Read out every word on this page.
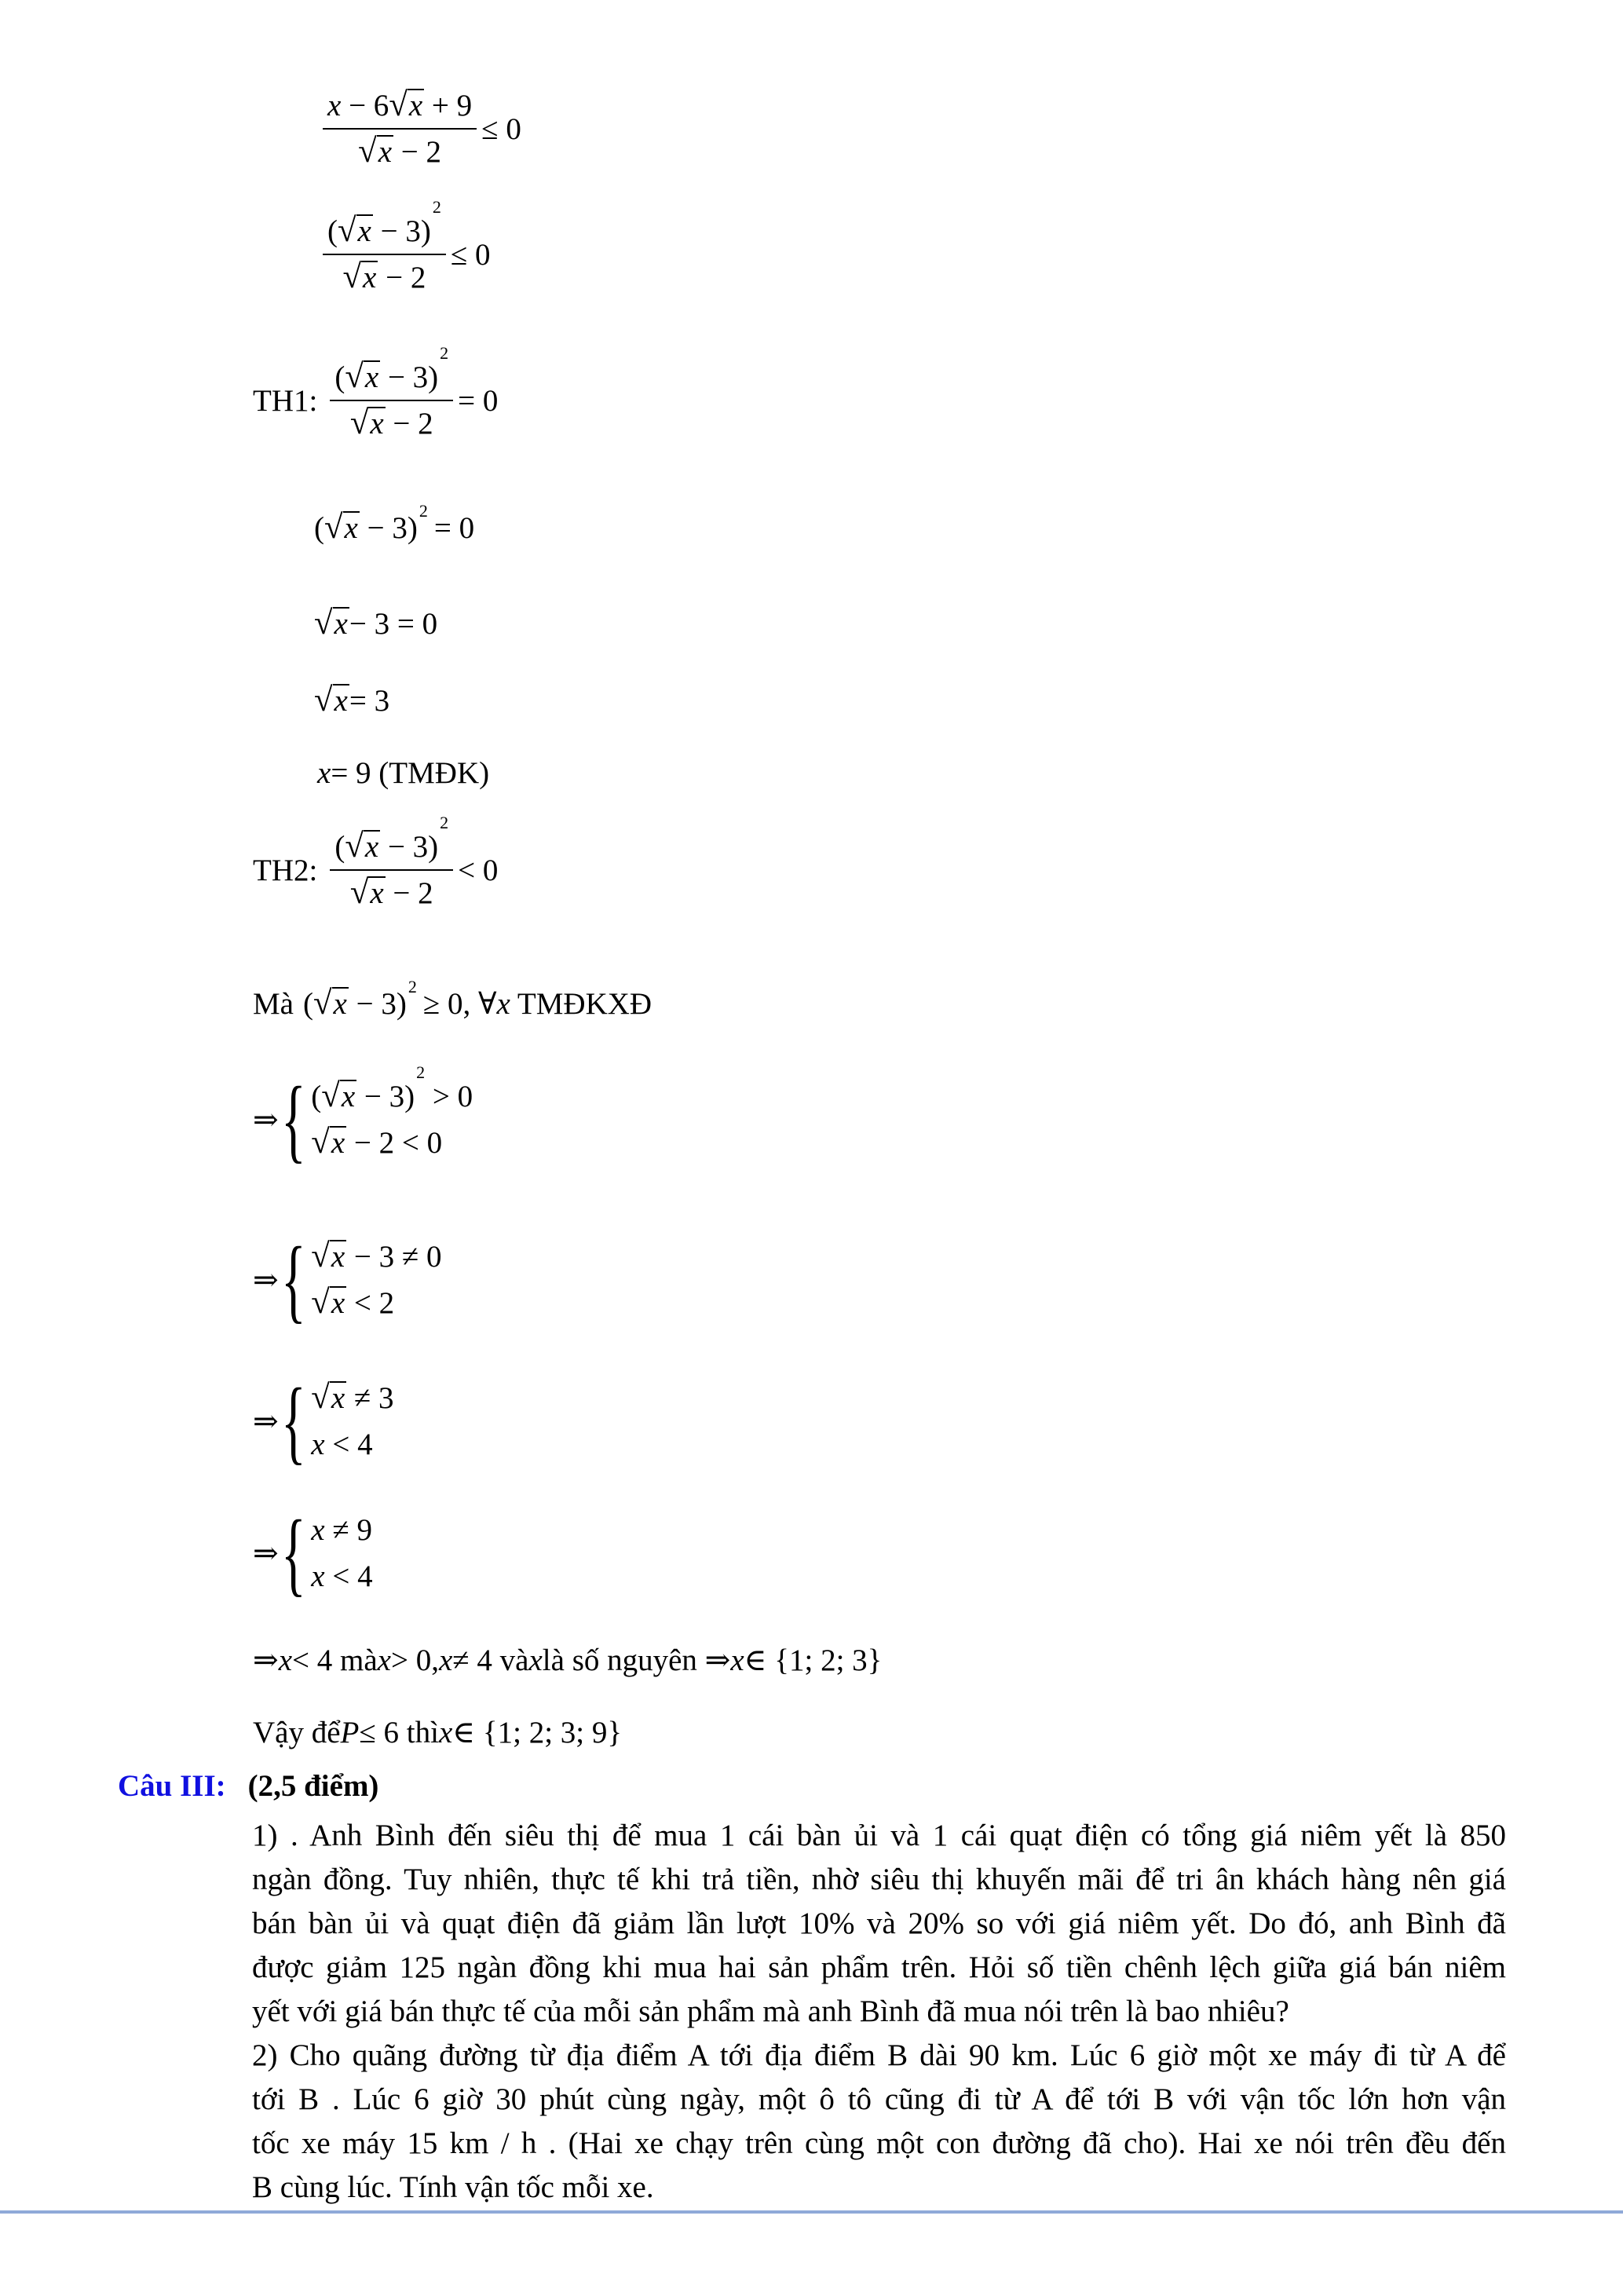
$\frac{x - 6 √ x + 9}{√ x - 2} \le 0$
$\frac{( √ x - 3)^2}{√ x - 2} \le 0$
TH1: $\frac{( √ x - 3)^2}{√ x - 2} = 0$
( √ x − 3)
$^2$
= 0
√ x − 3 = 0
√ x = 3
x = 9 (TMĐK)
TH2: $\frac{( √ x - 3)^2}{√ x - 2} < 0$
Mà ( √ x − 3)
$^2$
≥ 0, ∀x TMĐKXĐ
⇒ { ( √ x − 3)$^2$ > 0
√ x − 2 < 0
⇒ { √ x − 3 ≠ 0
√ x < 2
⇒ { √ x ≠ 3
x < 4
⇒ { x ≠ 9
x < 4
⇒ x < 4 mà x > 0, x ≠ 4 và x là số nguyên ⇒ x ∈ {1; 2; 3}
Vậy để P ≤ 6 thì x ∈ {1; 2; 3; 9}
Câu III: (2,5 điểm)
1) . Anh Bình đến siêu thị để mua 1 cái bàn ủi và 1 cái quạt điện có tổng giá niêm yết là 850
ngàn đồng. Tuy nhiên, thực tế khi trả tiền, nhờ siêu thị khuyến mãi để tri ân khách hàng nên giá
bán bàn ủi và quạt điện đã giảm lần lượt 10% và 20% so với giá niêm yết. Do đó, anh Bình đã
được giảm 125 ngàn đồng khi mua hai sản phẩm trên. Hỏi số tiền chênh lệch giữa giá bán niêm
yết với giá bán thực tế của mỗi sản phẩm mà anh Bình đã mua nói trên là bao nhiêu?
2) Cho quãng đường từ địa điểm A tới địa điểm B dài 90 km. Lúc 6 giờ một xe máy đi từ A để
tới B . Lúc 6 giờ 30 phút cùng ngày, một ô tô cũng đi từ A để tới B với vận tốc lớn hơn vận
tốc xe máy 15 km / h . (Hai xe chạy trên cùng một con đường đã cho). Hai xe nói trên đều đến
B cùng lúc. Tính vận tốc mỗi xe.
